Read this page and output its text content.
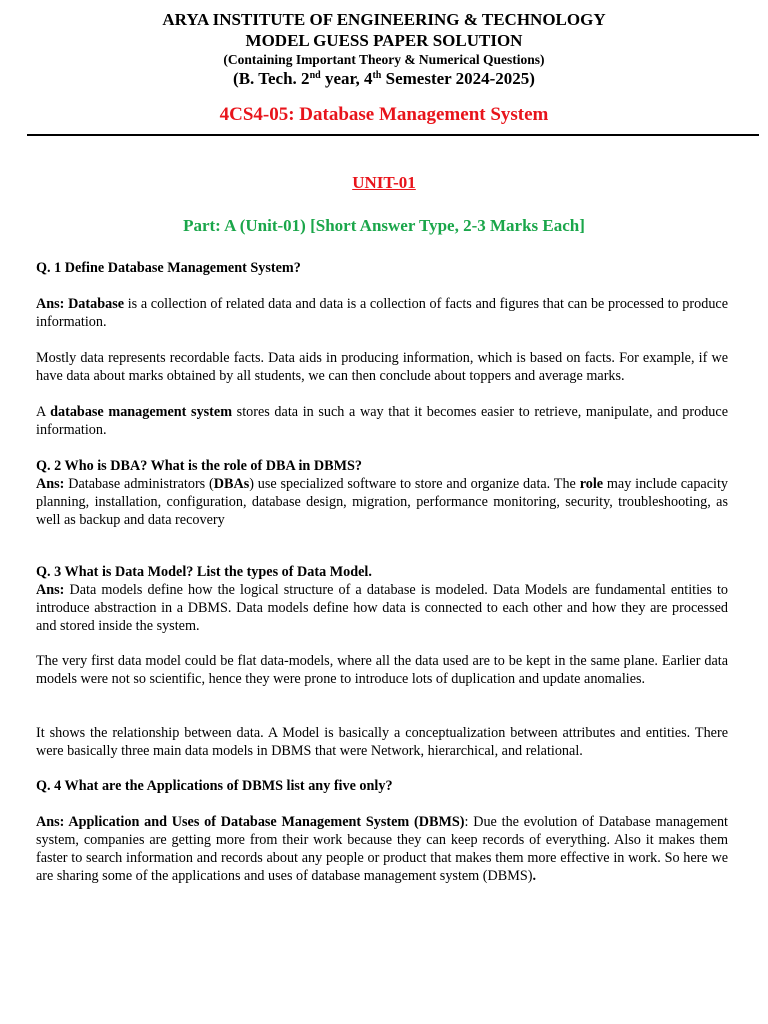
ARYA INSTITUTE OF ENGINEERING & TECHNOLOGY
MODEL GUESS PAPER SOLUTION
(Containing Important Theory & Numerical Questions)
(B. Tech. 2nd year, 4th Semester 2024-2025)
4CS4-05: Database Management System
UNIT-01
Part: A (Unit-01) [Short Answer Type, 2-3 Marks Each]
Q. 1 Define Database Management System?
Ans: Database is a collection of related data and data is a collection of facts and figures that can be processed to produce information.
Mostly data represents recordable facts. Data aids in producing information, which is based on facts. For example, if we have data about marks obtained by all students, we can then conclude about toppers and average marks.
A database management system stores data in such a way that it becomes easier to retrieve, manipulate, and produce information.
Q. 2 Who is DBA? What is the role of DBA in DBMS?
Ans: Database administrators (DBAs) use specialized software to store and organize data. The role may include capacity planning, installation, configuration, database design, migration, performance monitoring, security, troubleshooting, as well as backup and data recovery
Q. 3 What is Data Model? List the types of Data Model.
Ans: Data models define how the logical structure of a database is modeled. Data Models are fundamental entities to introduce abstraction in a DBMS. Data models define how data is connected to each other and how they are processed and stored inside the system.
The very first data model could be flat data-models, where all the data used are to be kept in the same plane. Earlier data models were not so scientific, hence they were prone to introduce lots of duplication and update anomalies.
It shows the relationship between data. A Model is basically a conceptualization between attributes and entities. There were basically three main data models in DBMS that were Network, hierarchical, and relational.
Q. 4 What are the Applications of DBMS list any five only?
Ans: Application and Uses of Database Management System (DBMS): Due the evolution of Database management system, companies are getting more from their work because they can keep records of everything. Also it makes them faster to search information and records about any people or product that makes them more effective in work. So here we are sharing some of the applications and uses of database management system (DBMS).
